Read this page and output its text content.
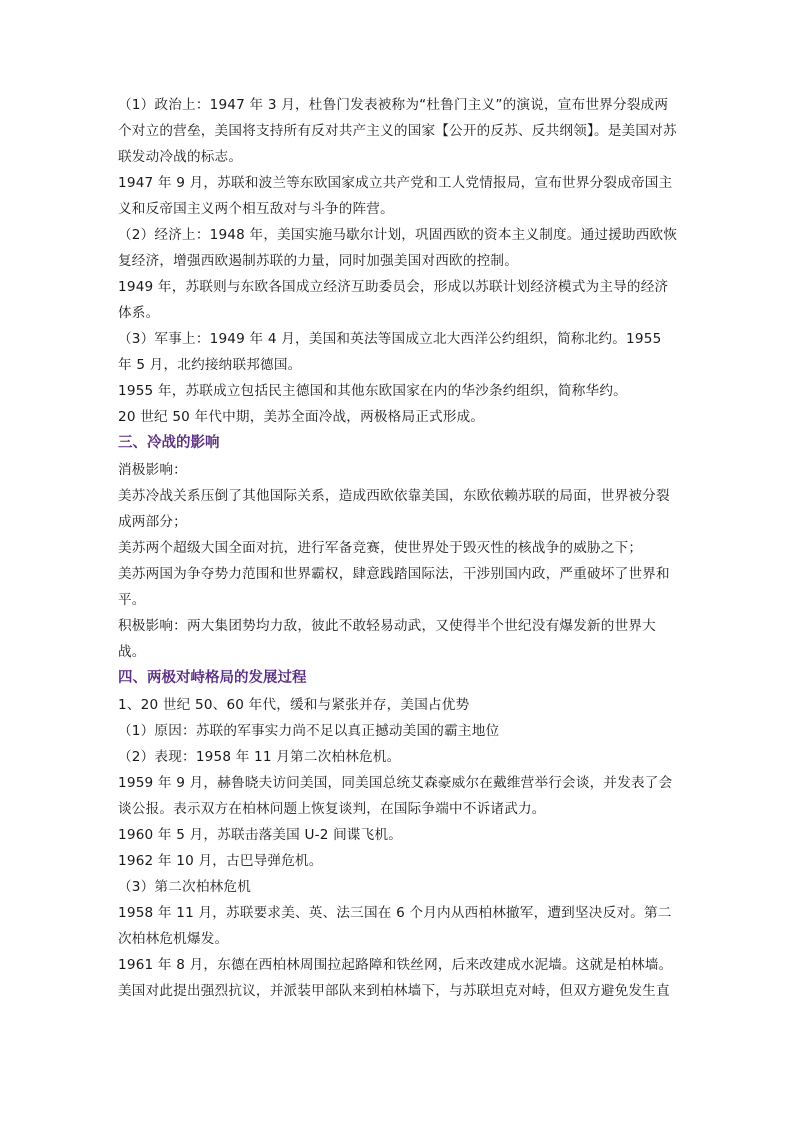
（1）政治上：1947 年 3 月，杜鲁门发表被称为“杜鲁门主义”的演说，宣布世界分裂成两个对立的营垒，美国将支持所有反对共产主义的国家【公开的反苏、反共纲领】。是美国对苏联发动冷战的标志。

1947 年 9 月，苏联和波兰等东欧国家成立共产党和工人党情报局，宣布世界分裂成帝国主义和反帝国主义两个相互敌对与斗争的阵营。

（2）经济上：1948 年，美国实施马歇尔计划，巩固西欧的资本主义制度。通过援助西欧恢复经济，增强西欧遏制苏联的力量，同时加强美国对西欧的控制。

1949 年，苏联则与东欧各国成立经济互助委员会，形成以苏联计划经济模式为主导的经济体系。

（3）军事上：1949 年 4 月，美国和英法等国成立北大西洋公约组织，简称北约。1955 年 5 月，北约接纳联邦德国。

1955 年，苏联成立包括民主德国和其他东欧国家在内的华沙条约组织，简称华约。

20 世纪 50 年代中期，美苏全面冷战，两极格局正式形成。

三、冷战的影响

消极影响：

美苏冷战关系压倒了其他国际关系，造成西欧依靠美国，东欧依赖苏联的局面，世界被分裂成两部分；

美苏两个超级大国全面对抗，进行军备竞赛，使世界处于毁灭性的核战争的威胁之下；

美苏两国为争夺势力范围和世界霸权，肆意践踏国际法，干涉别国内政，严重破坏了世界和平。

积极影响：两大集团势均力敌，彼此不敢轻易动武，又使得半个世纪没有爆发新的世界大战。

四、两极对峙格局的发展过程

1、20 世纪 50、60 年代，缓和与紧张并存，美国占优势

（1）原因：苏联的军事实力尚不足以真正撼动美国的霸主地位

（2）表现：1958 年 11 月第二次柏林危机。

1959 年 9 月，赫鲁晓夫访问美国，同美国总统艾森豪威尔在戴维营举行会谈，并发表了会谈公报。表示双方在柏林问题上恢复谈判，在国际争端中不诉诸武力。

1960 年 5 月，苏联击落美国 U-2 间谍飞机。

1962 年 10 月，古巴导弹危机。

（3）第二次柏林危机

1958 年 11 月，苏联要求美、英、法三国在 6 个月内从西柏林撤军，遭到坚决反对。第二次柏林危机爆发。

1961 年 8 月，东德在西柏林周围拉起路障和铁丝网，后来改建成水泥墙。这就是柏林墙。美国对此提出强烈抗议，并派装甲部队来到柏林墙下，与苏联坦克对峙，但双方避免发生直
